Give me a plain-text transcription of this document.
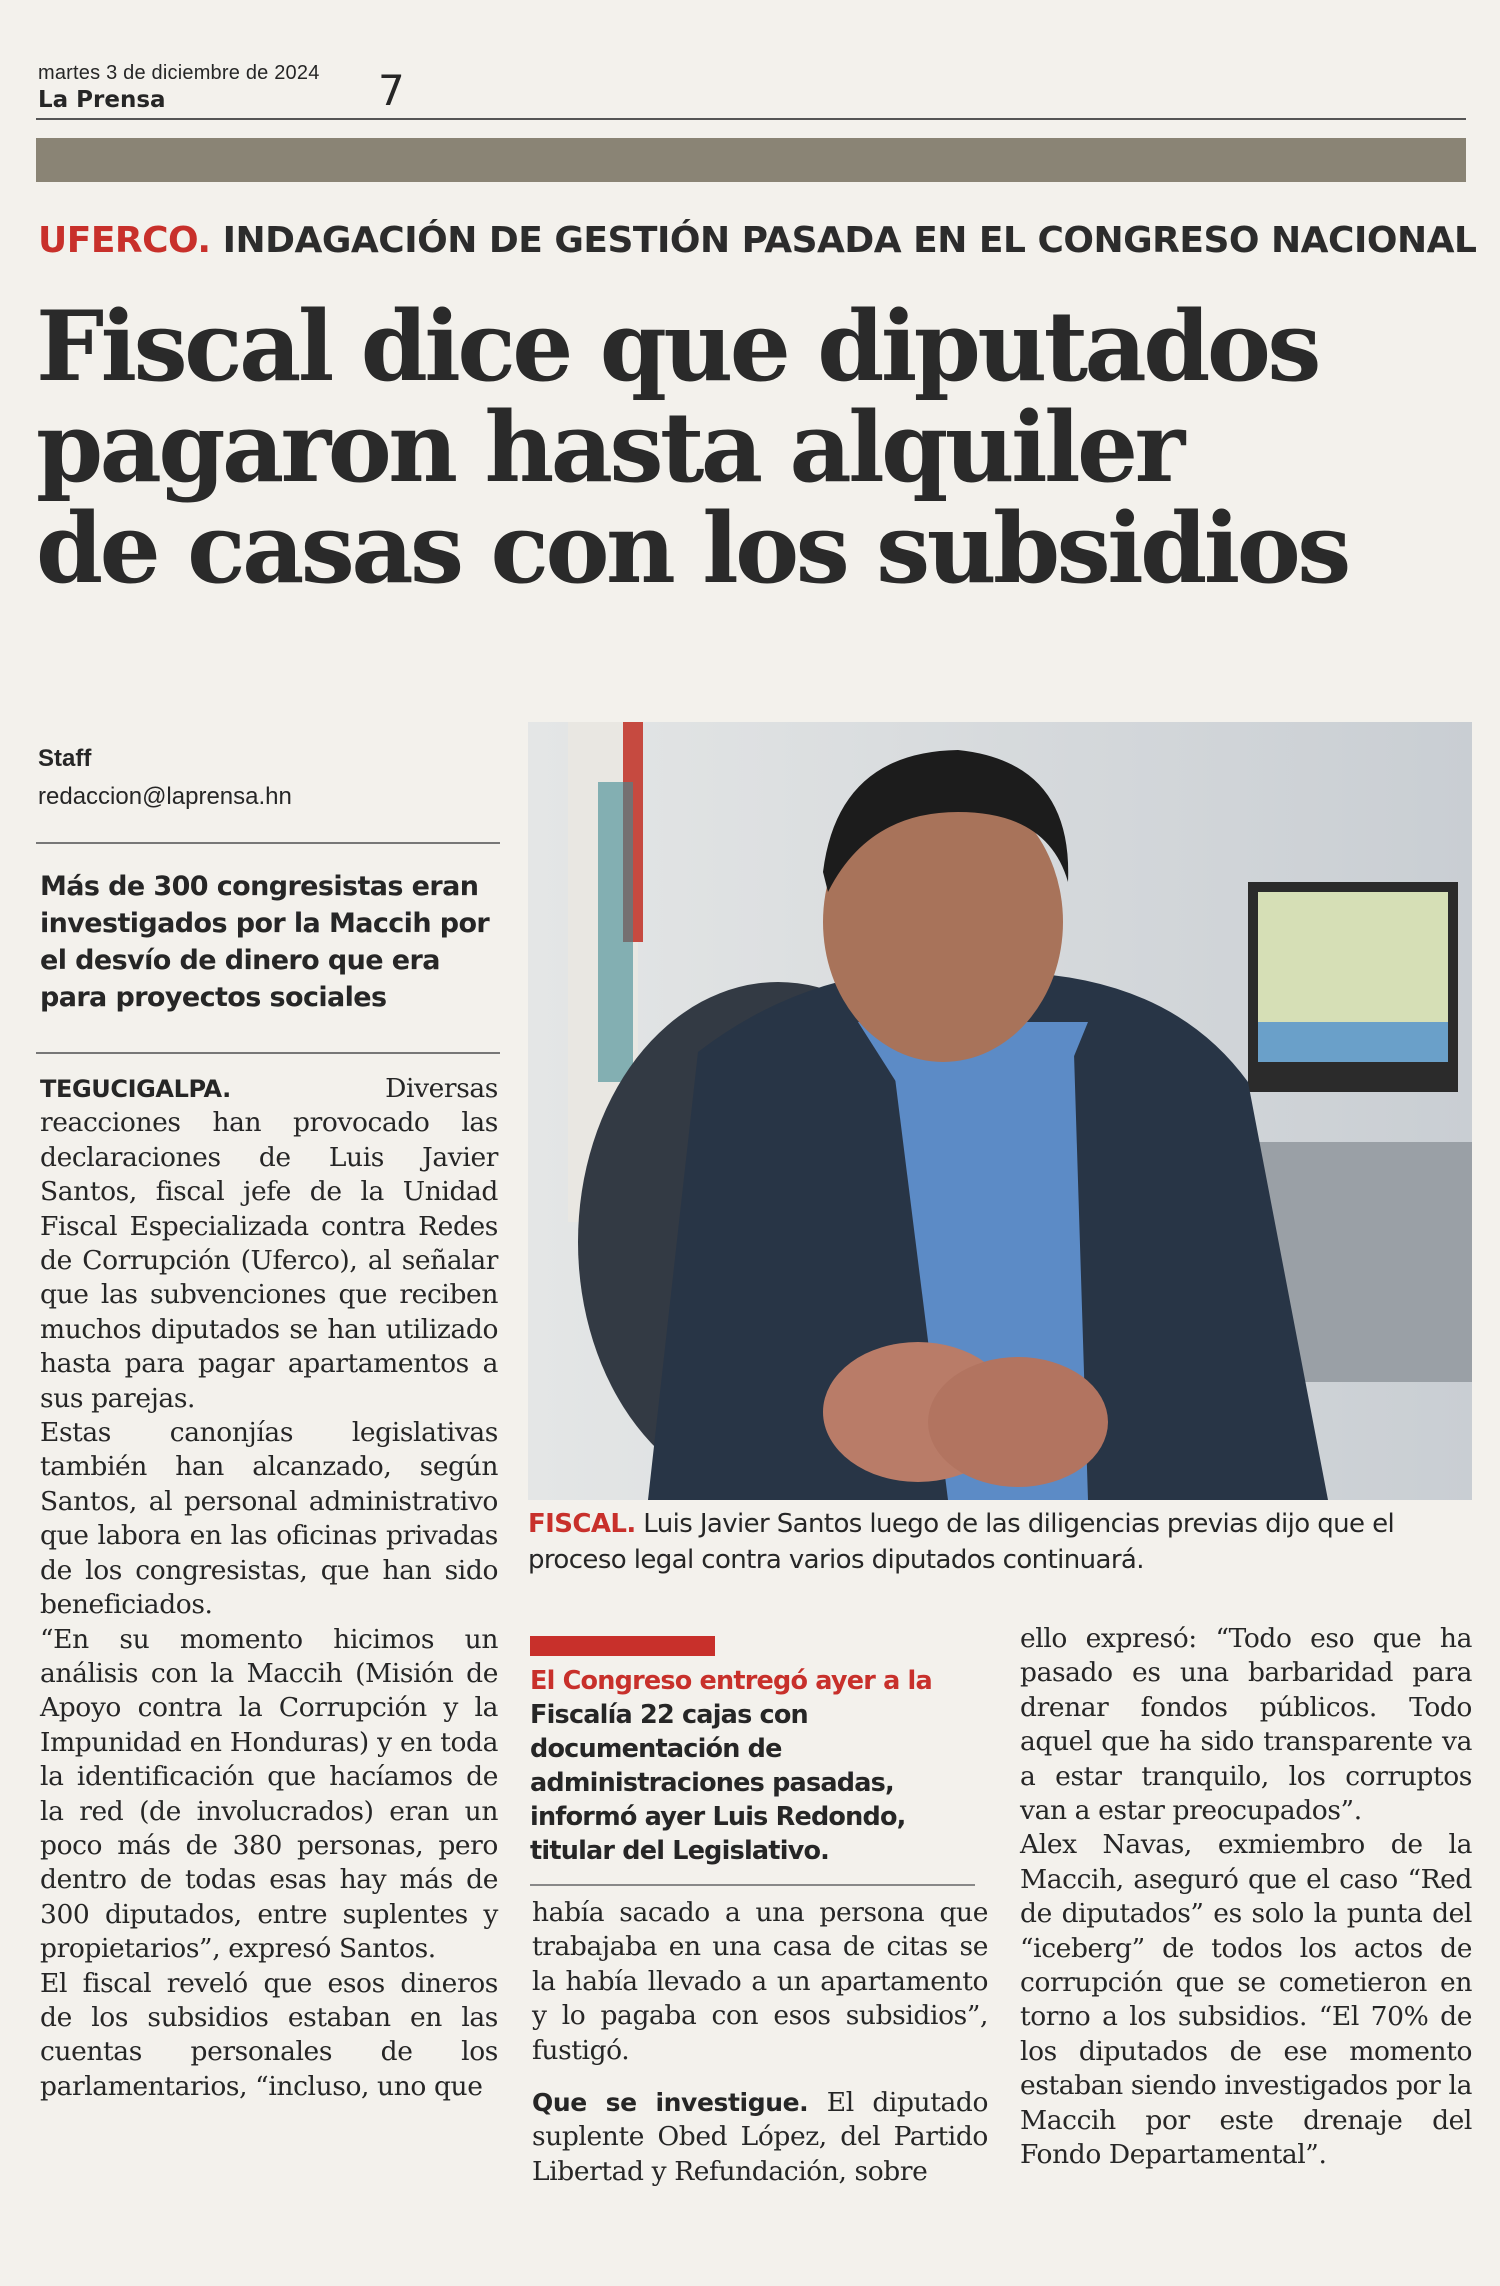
martes 3 de diciembre de 2024
La Prensa	7
UFERCO. INDAGACIÓN DE GESTIÓN PASADA EN EL CONGRESO NACIONAL
Fiscal dice que diputados
pagaron hasta alquiler
de casas con los subsidios
Staff
redaccion@laprensa.hn
Más de 300 congresistas eran investigados por la Maccih por el desvío de dinero que era para proyectos sociales

TEGUCIGALPA.	Diversas reacciones han provocado las declaraciones de Luis Javier Santos, fiscal jefe de la Unidad Fiscal Especializada contra Redes de Corrupción (Uferco), al señalar que las subvenciones que reciben muchos diputados se han utilizado hasta para pagar apartamentos a sus parejas.

Estas canonjías legislativas también han alcanzado, según Santos, al personal administrativo que labora en las oficinas privadas de los congresistas, que han sido beneficiados.

“En su momento hicimos un análisis con la Maccih (Misión de Apoyo contra la Corrupción y la Impunidad en Honduras) y en toda la identificación que hacíamos de la red (de involucrados) eran un poco más de 380 personas, pero dentro de todas esas hay más de 300 diputados, entre suplentes y propietarios”, expresó Santos.

El fiscal reveló que esos dineros de los subsidios estaban en las cuentas personales de los parlamentarios, “incluso, uno que

FISCAL. Luis Javier Santos luego de las diligencias previas dijo que el proceso legal contra varios diputados continuará.
El Congreso entregó ayer a la Fiscalía 22 cajas con documentación de administraciones pasadas, informó ayer Luis Redondo, titular del Legislativo.

había sacado a una persona que trabajaba en una casa de citas se la había llevado a un apartamento y lo pagaba con esos subsidios”, fustigó.

Que se investigue. El diputado suplente Obed López, del Partido Libertad y Refundación, sobre

ello expresó: “Todo eso que ha pasado es una barbaridad para drenar fondos públicos. Todo aquel que ha sido transparente va a estar tranquilo, los corruptos van a estar preocupados”.

Alex Navas, exmiembro de la Maccih, aseguró que el caso “Red de diputados” es solo la punta del “iceberg” de todos los actos de corrupción que se cometieron en torno a los subsidios. “El 70% de los diputados de ese momento estaban siendo investigados por la Maccih por este drenaje del Fondo Departamental”.
